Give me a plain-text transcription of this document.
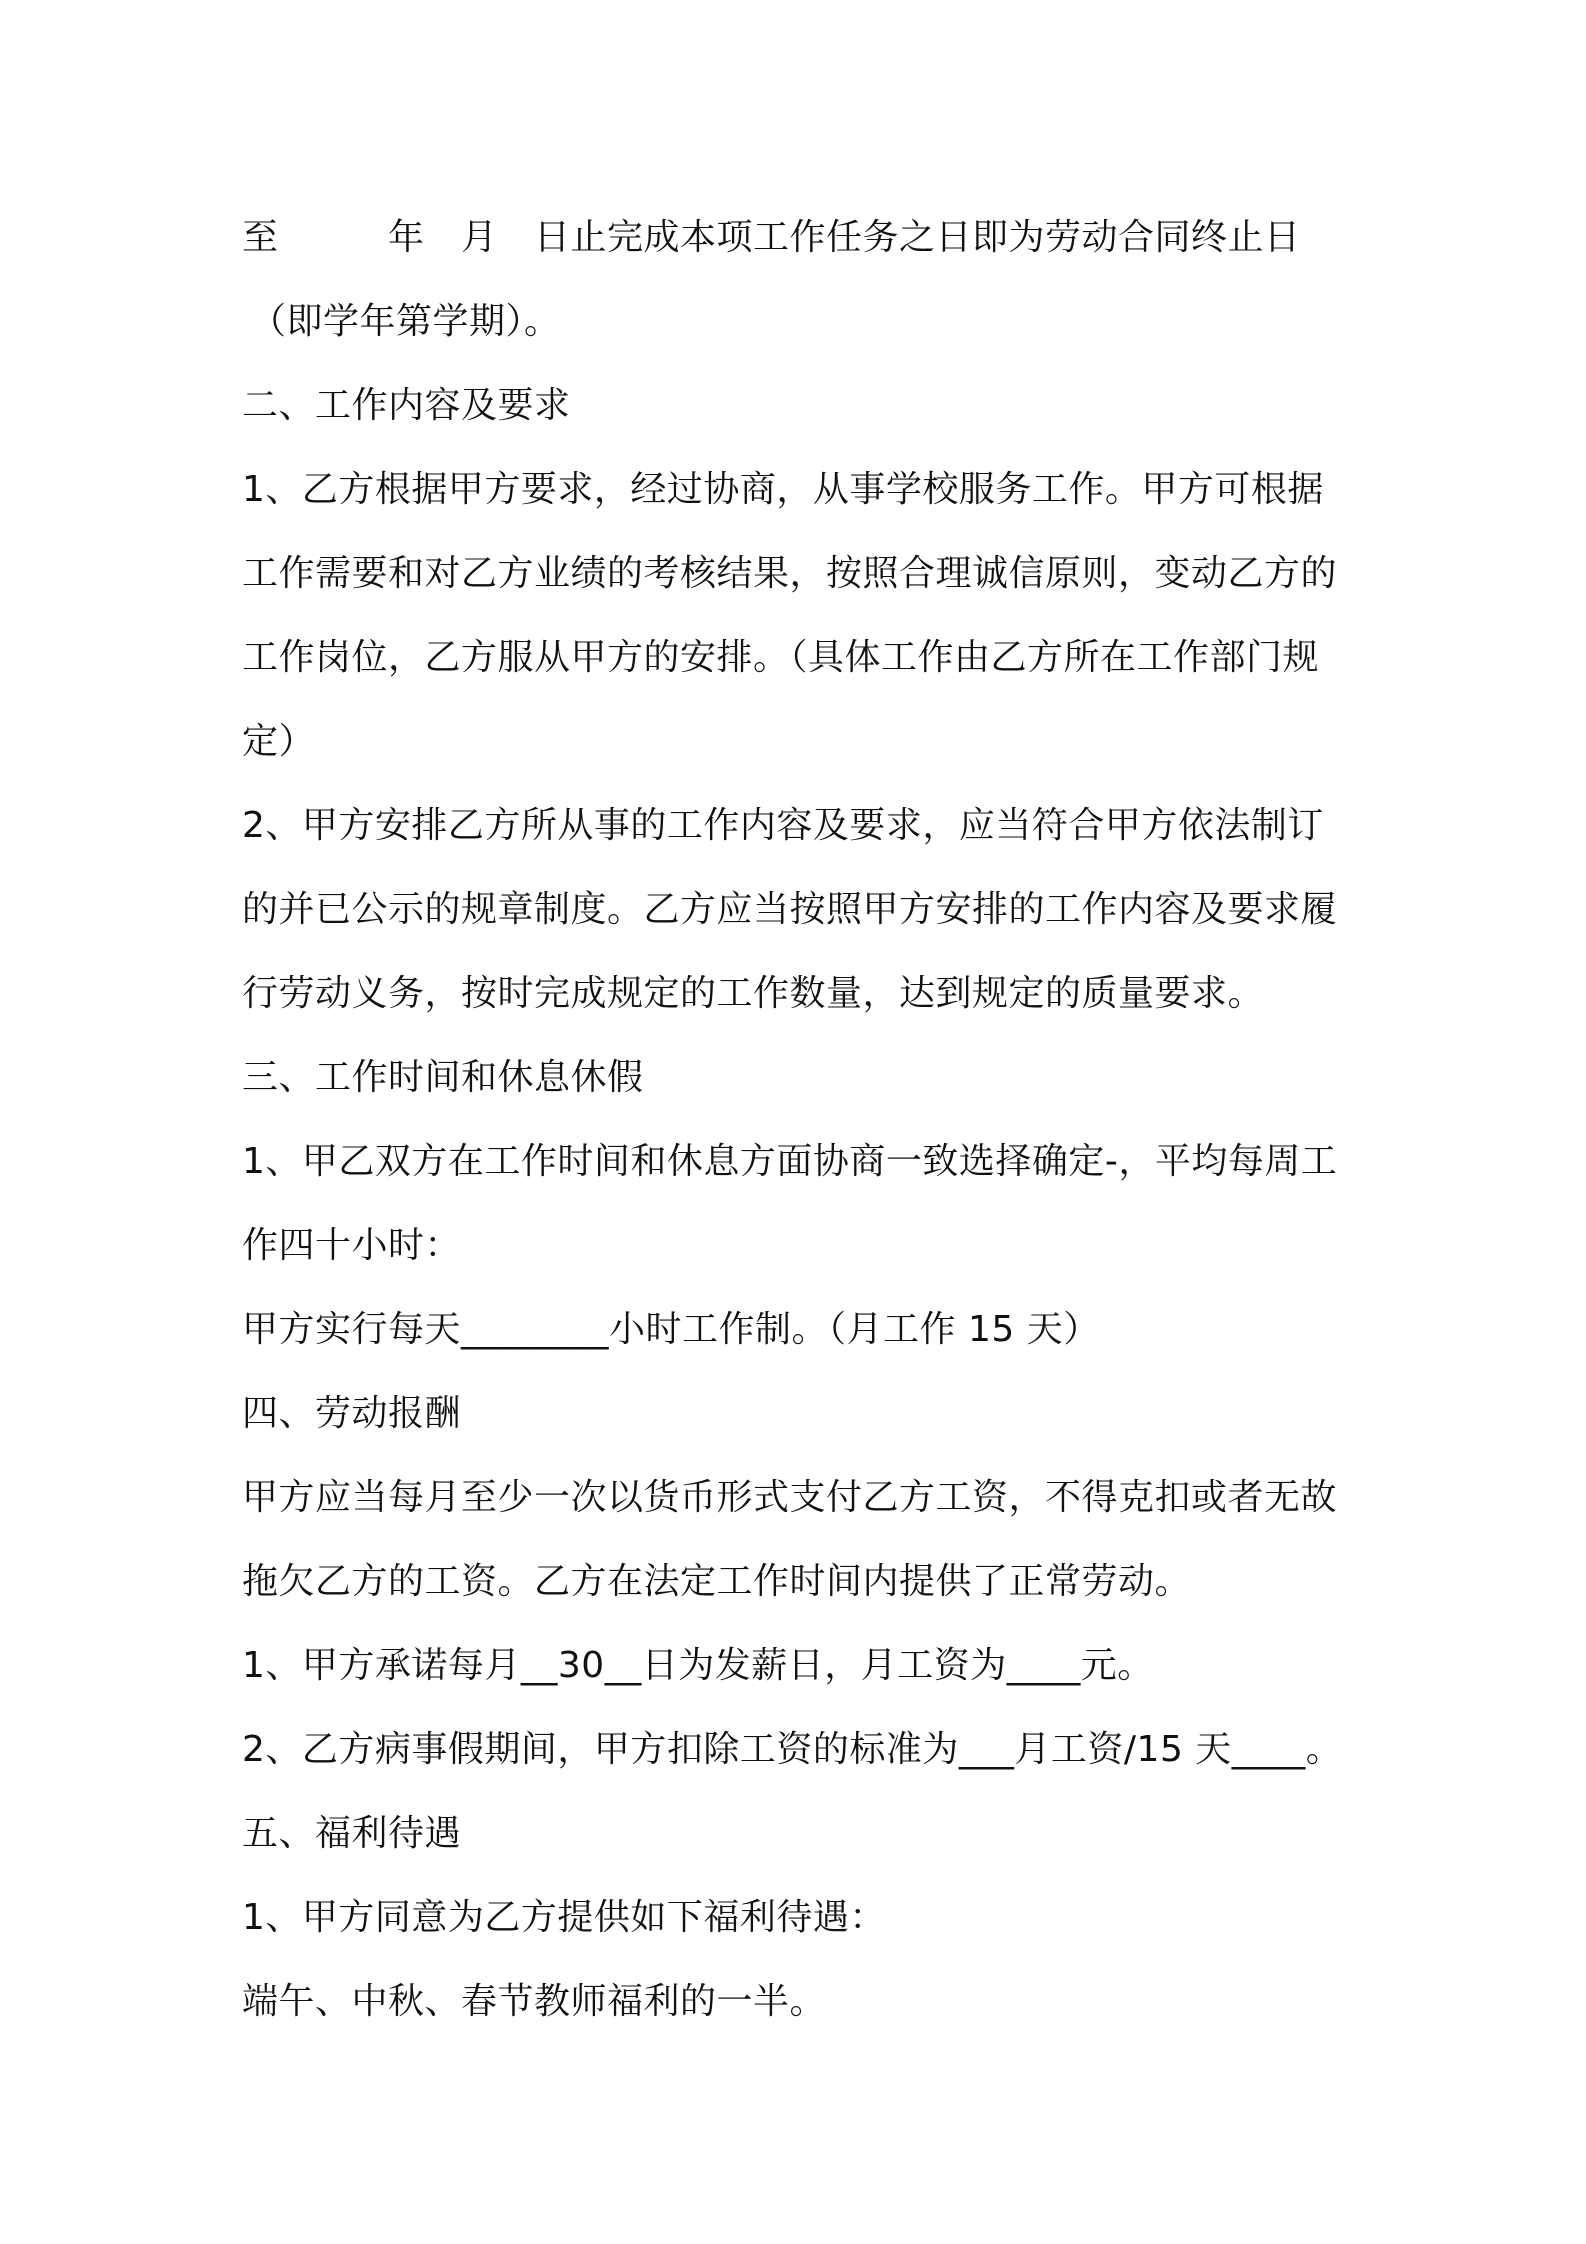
至　　　年　月　日止完成本项工作任务之日即为劳动合同终止日
（即学年第学期）。
二、工作内容及要求
1、乙方根据甲方要求，经过协商，从事学校服务工作。甲方可根据
工作需要和对乙方业绩的考核结果，按照合理诚信原则，变动乙方的
工作岗位，乙方服从甲方的安排。（具体工作由乙方所在工作部门规
定）
2、甲方安排乙方所从事的工作内容及要求，应当符合甲方依法制订
的并已公示的规章制度。乙方应当按照甲方安排的工作内容及要求履
行劳动义务，按时完成规定的工作数量，达到规定的质量要求。
三、工作时间和休息休假
1、甲乙双方在工作时间和休息方面协商一致选择确定-，平均每周工
作四十小时：
甲方实行每天________小时工作制。（月工作 15 天）
四、劳动报酬
甲方应当每月至少一次以货币形式支付乙方工资，不得克扣或者无故
拖欠乙方的工资。乙方在法定工作时间内提供了正常劳动。
1、甲方承诺每月__30__日为发薪日，月工资为____元。
2、乙方病事假期间，甲方扣除工资的标准为___月工资/15 天____。
五、福利待遇
1、甲方同意为乙方提供如下福利待遇：
端午、中秋、春节教师福利的一半。
